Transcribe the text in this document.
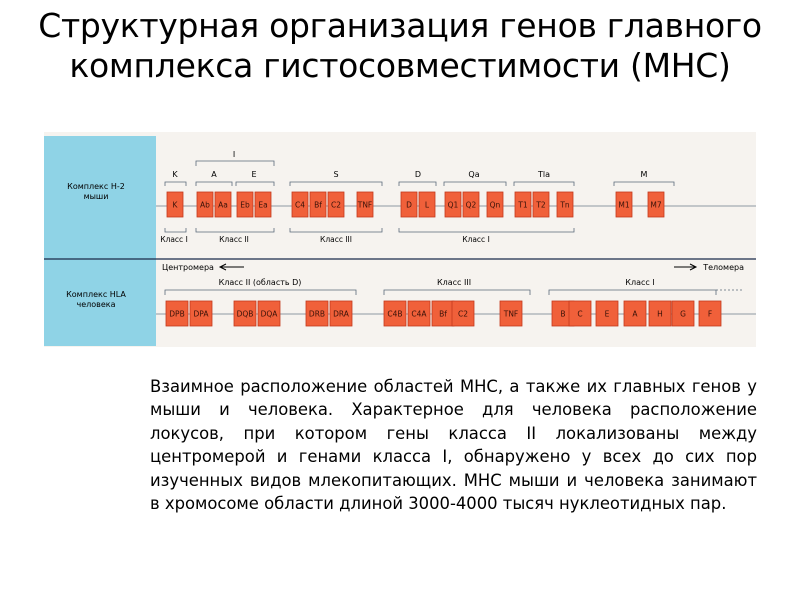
Структурная организация генов главного
комплекса гистосовместимости (МНС)
Комплекс H-2
мыши
Комплекс HLA
человека
K	A	E	S	D	Qa	Tla	M
I
K	Ab Aa Eb Ea	C4 Bf C2 TNF	D L Q1 Q2 Qn T1 T2 Tn	M1	M7
Класс I	Класс II	Класс III	Класс I
Центромера	Теломера
Класс II (область D)	Класс III	Класс I
DPB DPA	DQB DQA	DRB DRA	C4B C4A Bf C2	TNF	B C	E	A	H G	F
Взаимное расположение областей МНС, а также их главных генов у мыши и человека. Характерное для человека расположение локусов, при котором гены класса II локализованы между центромерой и генами класса I, обнаружено у всех до сих пор изученных видов млекопитающих. МНС мыши и человека занимают в хромосоме области длиной 3000-4000 тысяч нуклеотидных пар.
